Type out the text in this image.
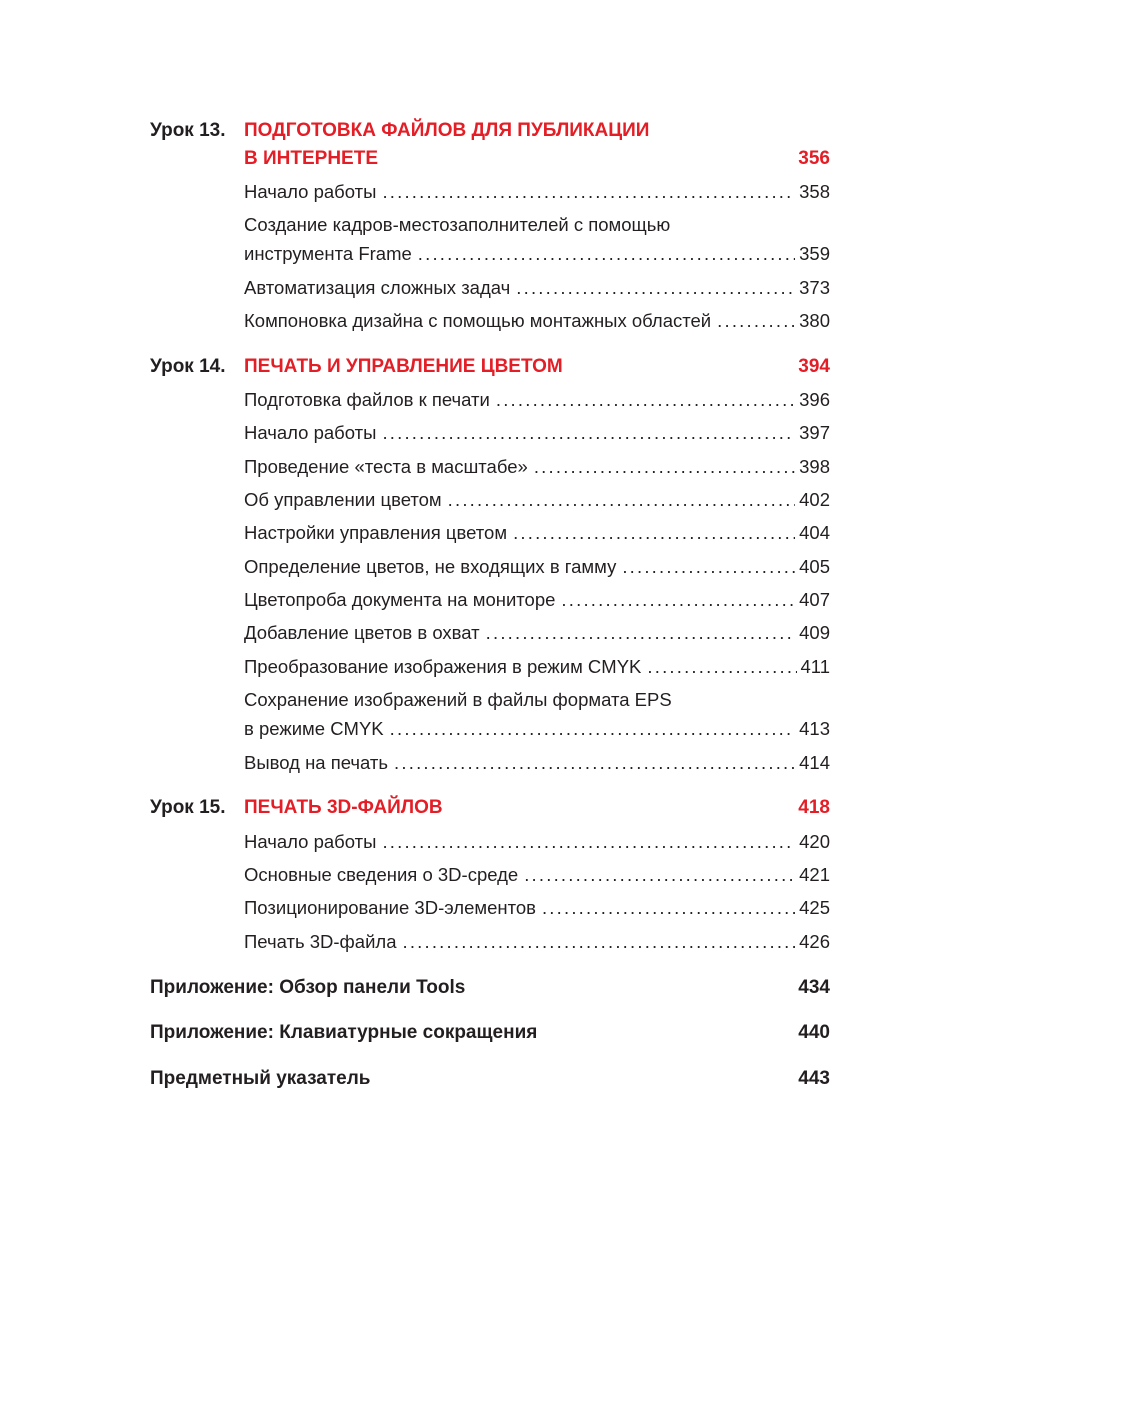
Урок 13. ПОДГОТОВКА ФАЙЛОВ ДЛЯ ПУБЛИКАЦИИ
В ИНТЕРНЕТЕ	356
Начало работы .....	358
Создание кадров-местозаполнителей с помощью
инструмента Frame .....	359
Автоматизация сложных задач .....	373
Компоновка дизайна с помощью монтажных областей .....	380
Урок 14. ПЕЧАТЬ И УПРАВЛЕНИЕ ЦВЕТОМ	394
Подготовка файлов к печати .....	396
Начало работы .....	397
Проведение «теста в масштабе» .....	398
Об управлении цветом .....	402
Настройки управления цветом .....	404
Определение цветов, не входящих в гамму .....	405
Цветопроба документа на мониторе .....	407
Добавление цветов в охват .....	409
Преобразование изображения в режим CMYK .....	411
Сохранение изображений в файлы формата EPS
в режиме CMYK .....	413
Вывод на печать .....	414
Урок 15. ПЕЧАТЬ 3D-ФАЙЛОВ	418
Начало работы .....	420
Основные сведения о 3D-среде .....	421
Позиционирование 3D-элементов .....	425
Печать 3D-файла .....	426
Приложение: Обзор панели Tools	434
Приложение: Клавиатурные сокращения	440
Предметный указатель	443
